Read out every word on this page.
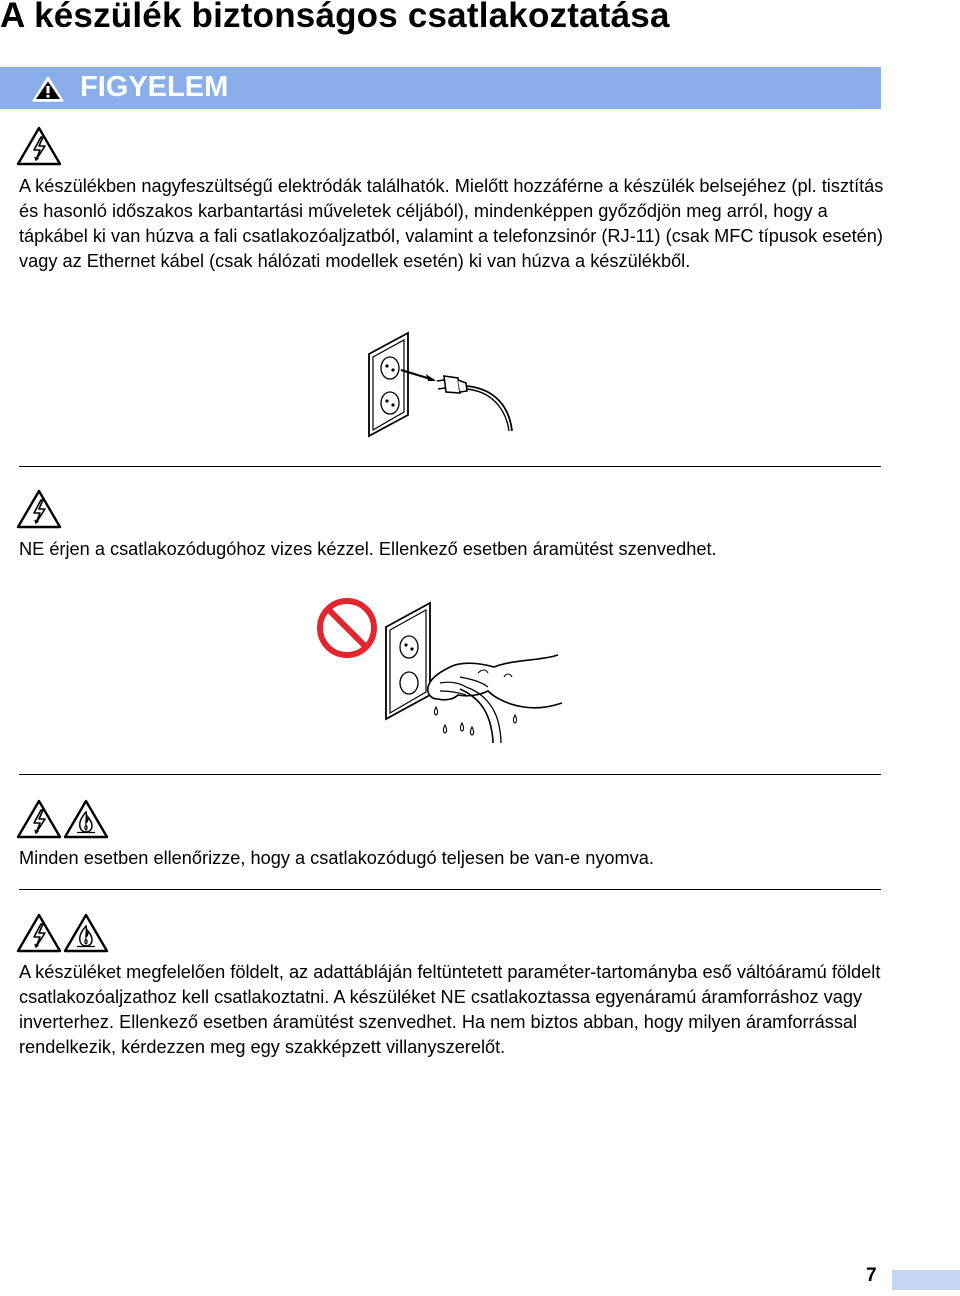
A készülék biztonságos csatlakoztatása
FIGYELEM

A készülékben nagyfeszültségű elektródák találhatók. Mielőtt hozzáférne a készülék belsejéhez (pl. tisztítás és hasonló időszakos karbantartási műveletek céljából), mindenképpen győződjön meg arról, hogy a tápkábel ki van húzva a fali csatlakozóaljzatból, valamint a telefonzsinór (RJ-11) (csak MFC típusok esetén) vagy az Ethernet kábel (csak hálózati modellek esetén) ki van húzva a készülékből.

NE érjen a csatlakozódugóhoz vizes kézzel. Ellenkező esetben áramütést szenvedhet.

Minden esetben ellenőrizze, hogy a csatlakozódugó teljesen be van-e nyomva.

A készüléket megfelelően földelt, az adattábláján feltüntetett paraméter-tartományba eső váltóáramú földelt csatlakozóaljzathoz kell csatlakoztatni. A készüléket NE csatlakoztassa egyenáramú áramforráshoz vagy inverterhez. Ellenkező esetben áramütést szenvedhet. Ha nem biztos abban, hogy milyen áramforrással rendelkezik, kérdezzen meg egy szakképzett villanyszerelőt.

7
